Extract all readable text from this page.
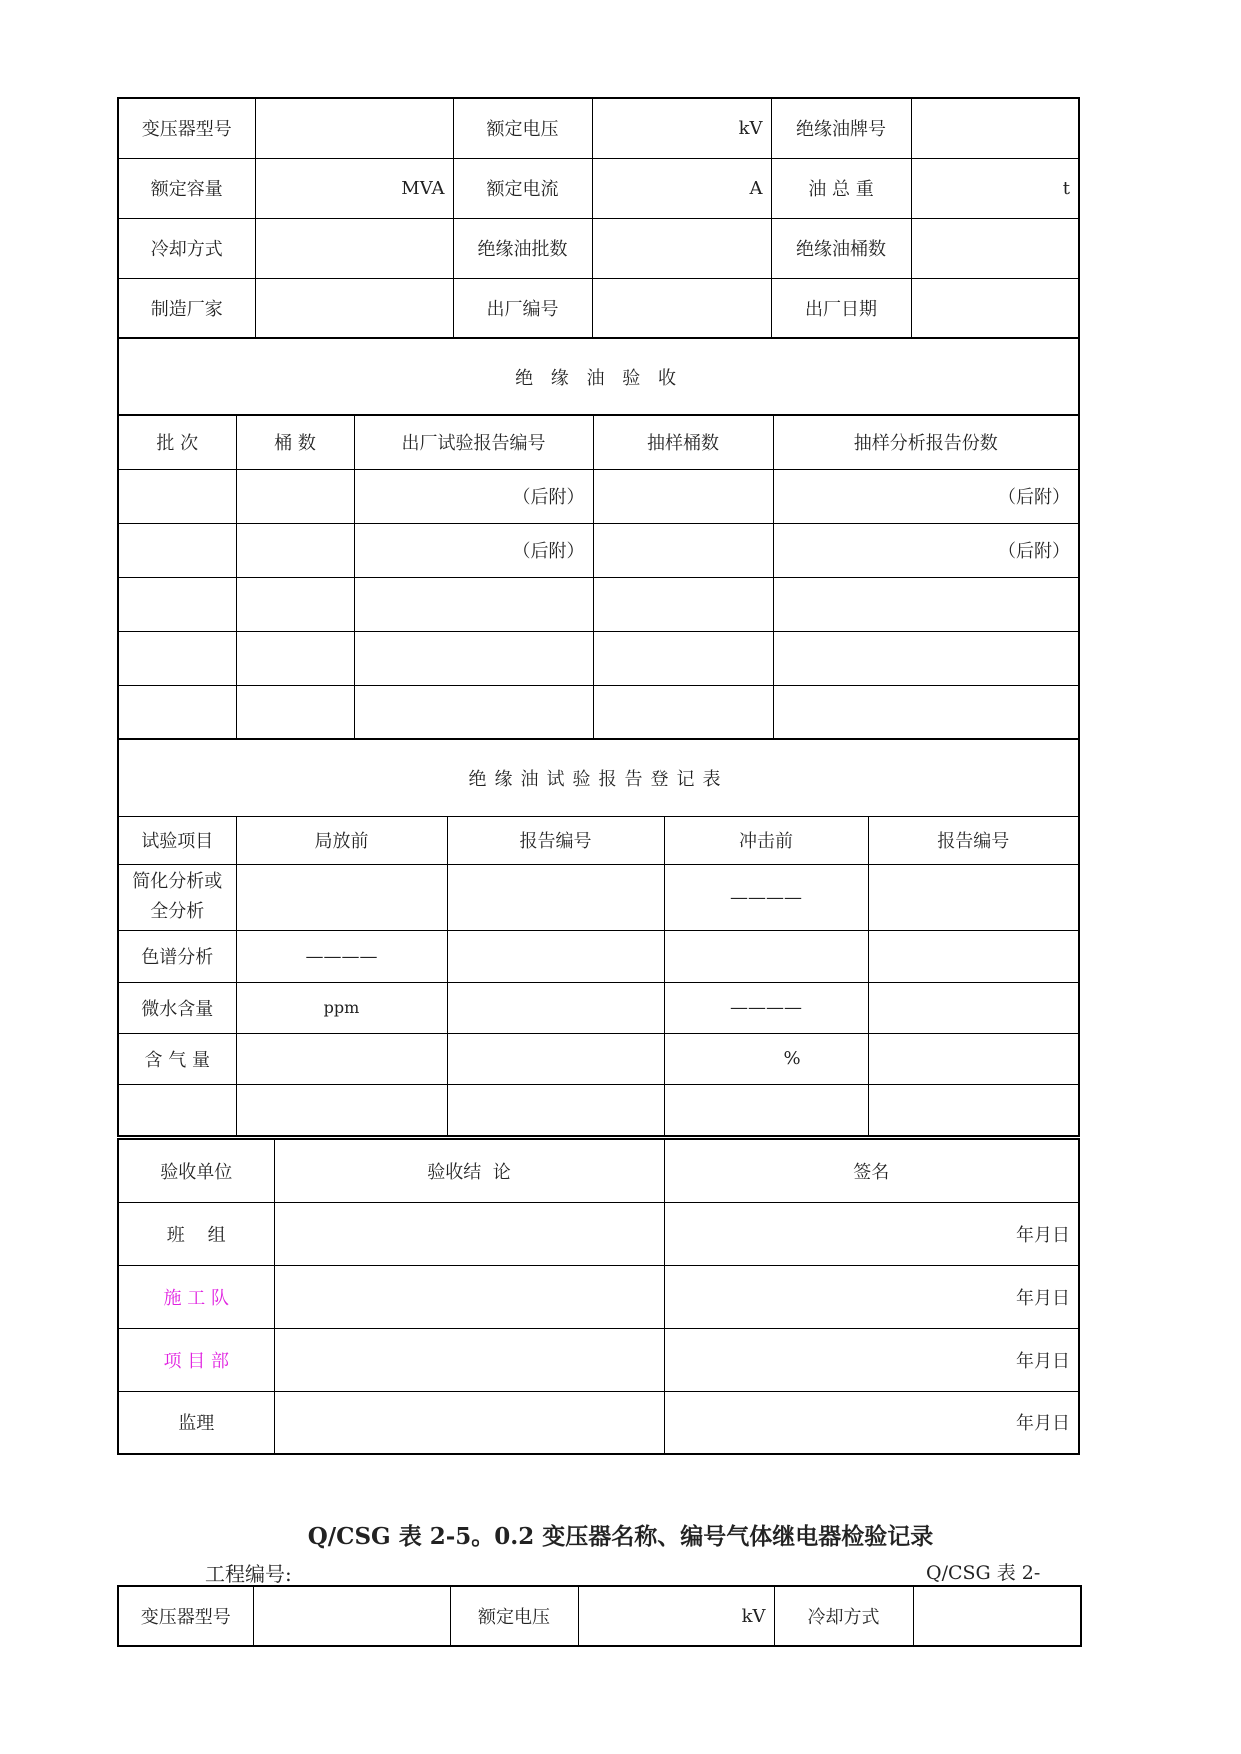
变压器型号		额定电压	kV	绝缘油牌号	
额定容量	MVA	额定电流	A	油 总 重	t
冷却方式		绝缘油批数		绝缘油桶数	
制造厂家		出厂编号		出厂日期	
绝 缘 油 验 收				
批 次	桶 数	出厂试验报告编号	抽样桶数	抽样分析报告份数
		（后附）		（后附）
		（后附）		（后附）

绝缘油试验报告登记表				
试验项目	局放前	报告编号	冲击前	报告编号
简化分析或全分析			————	
色谱分析	————			
微水含量	ppm		————	
含 气 量			%	

验收单位	验收结  论	签名
班    组		年月日
施 工 队		年月日
项 目 部		年月日
监理		年月日
Q/CSG 表 2-5。0.2 变压器名称、编号气体继电器检验记录
工程编号:	Q/CSG 表 2-
变压器型号		额定电压	kV	冷却方式	
